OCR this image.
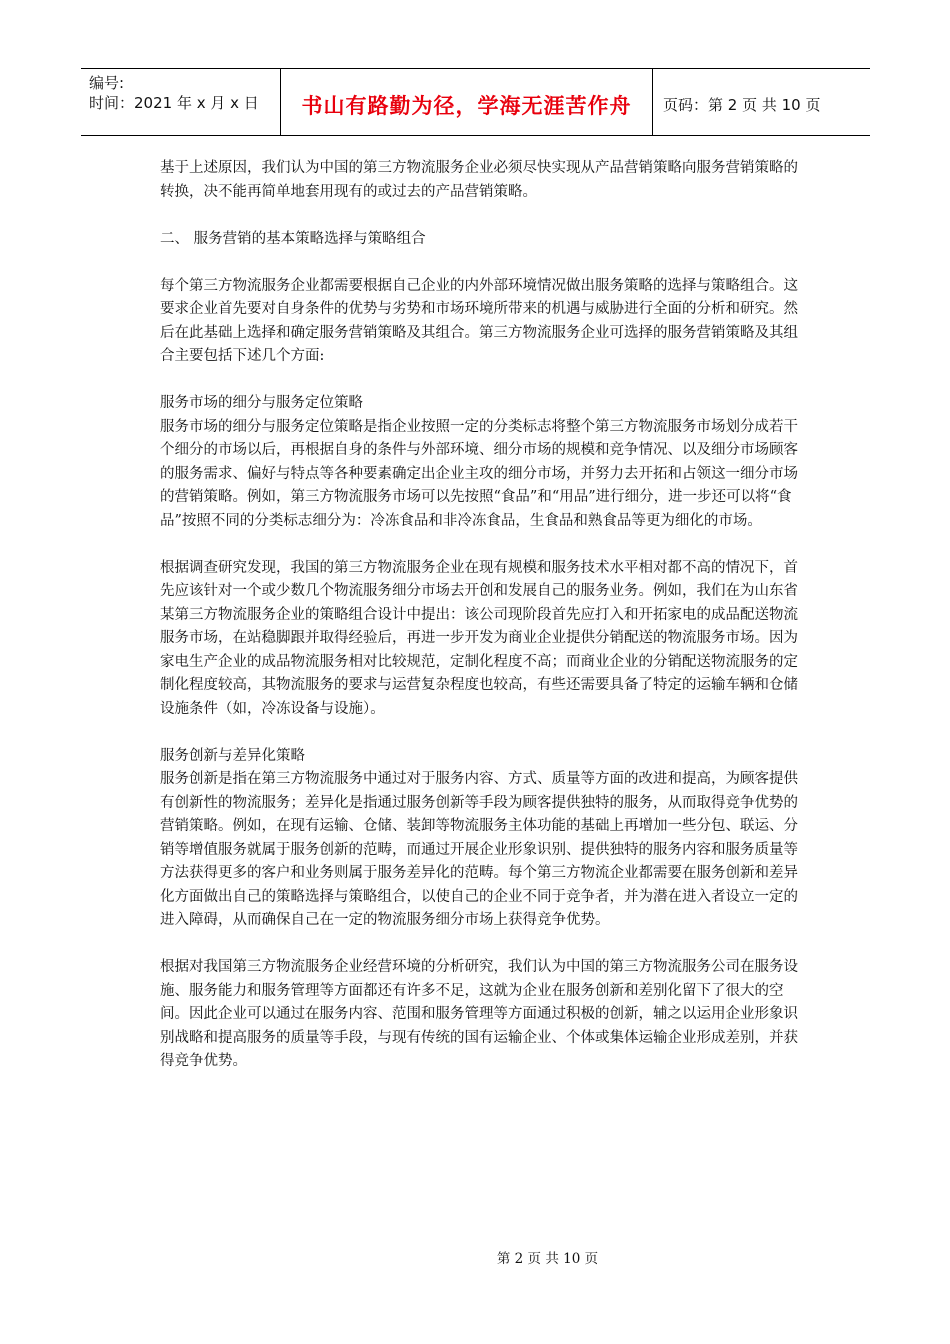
编号:
时间：2021 年 x 月 x 日	书山有路勤为径，学海无涯苦作舟	页码：第 2 页 共 10 页

基于上述原因，我们认为中国的第三方物流服务企业必须尽快实现从产品营销策略向服务营销策略的转换，决不能再简单地套用现有的或过去的产品营销策略。

二、 服务营销的基本策略选择与策略组合

每个第三方物流服务企业都需要根据自己企业的内外部环境情况做出服务策略的选择与策略组合。这要求企业首先要对自身条件的优势与劣势和市场环境所带来的机遇与威胁进行全面的分析和研究。然后在此基础上选择和确定服务营销策略及其组合。第三方物流服务企业可选择的服务营销策略及其组合主要包括下述几个方面:

服务市场的细分与服务定位策略

服务市场的细分与服务定位策略是指企业按照一定的分类标志将整个第三方物流服务市场划分成若干个细分的市场以后，再根据自身的条件与外部环境、细分市场的规模和竞争情况、以及细分市场顾客的服务需求、偏好与特点等各种要素确定出企业主攻的细分市场，并努力去开拓和占领这一细分市场的营销策略。例如，第三方物流服务市场可以先按照“食品”和“用品”进行细分，进一步还可以将“食品”按照不同的分类标志细分为：冷冻食品和非冷冻食品，生食品和熟食品等更为细化的市场。

根据调查研究发现，我国的第三方物流服务企业在现有规模和服务技术水平相对都不高的情况下，首先应该针对一个或少数几个物流服务细分市场去开创和发展自己的服务业务。例如，我们在为山东省某第三方物流服务企业的策略组合设计中提出：该公司现阶段首先应打入和开拓家电的成品配送物流服务市场，在站稳脚跟并取得经验后，再进一步开发为商业企业提供分销配送的物流服务市场。因为家电生产企业的成品物流服务相对比较规范，定制化程度不高；而商业企业的分销配送物流服务的定制化程度较高，其物流服务的要求与运营复杂程度也较高，有些还需要具备了特定的运输车辆和仓储设施条件（如，冷冻设备与设施）。

服务创新与差异化策略

服务创新是指在第三方物流服务中通过对于服务内容、方式、质量等方面的改进和提高，为顾客提供有创新性的物流服务；差异化是指通过服务创新等手段为顾客提供独特的服务，从而取得竞争优势的营销策略。例如，在现有运输、仓储、装卸等物流服务主体功能的基础上再增加一些分包、联运、分销等增值服务就属于服务创新的范畴，而通过开展企业形象识别、提供独特的服务内容和服务质量等方法获得更多的客户和业务则属于服务差异化的范畴。每个第三方物流企业都需要在服务创新和差异化方面做出自己的策略选择与策略组合，以使自己的企业不同于竞争者，并为潜在进入者设立一定的进入障碍，从而确保自己在一定的物流服务细分市场上获得竞争优势。

根据对我国第三方物流服务企业经营环境的分析研究，我们认为中国的第三方物流服务公司在服务设施、服务能力和服务管理等方面都还有许多不足，这就为企业在服务创新和差别化留下了很大的空间。因此企业可以通过在服务内容、范围和服务管理等方面通过积极的创新，辅之以运用企业形象识别战略和提高服务的质量等手段，与现有传统的国有运输企业、个体或集体运输企业形成差别，并获得竞争优势。

第 2 页 共 10 页
